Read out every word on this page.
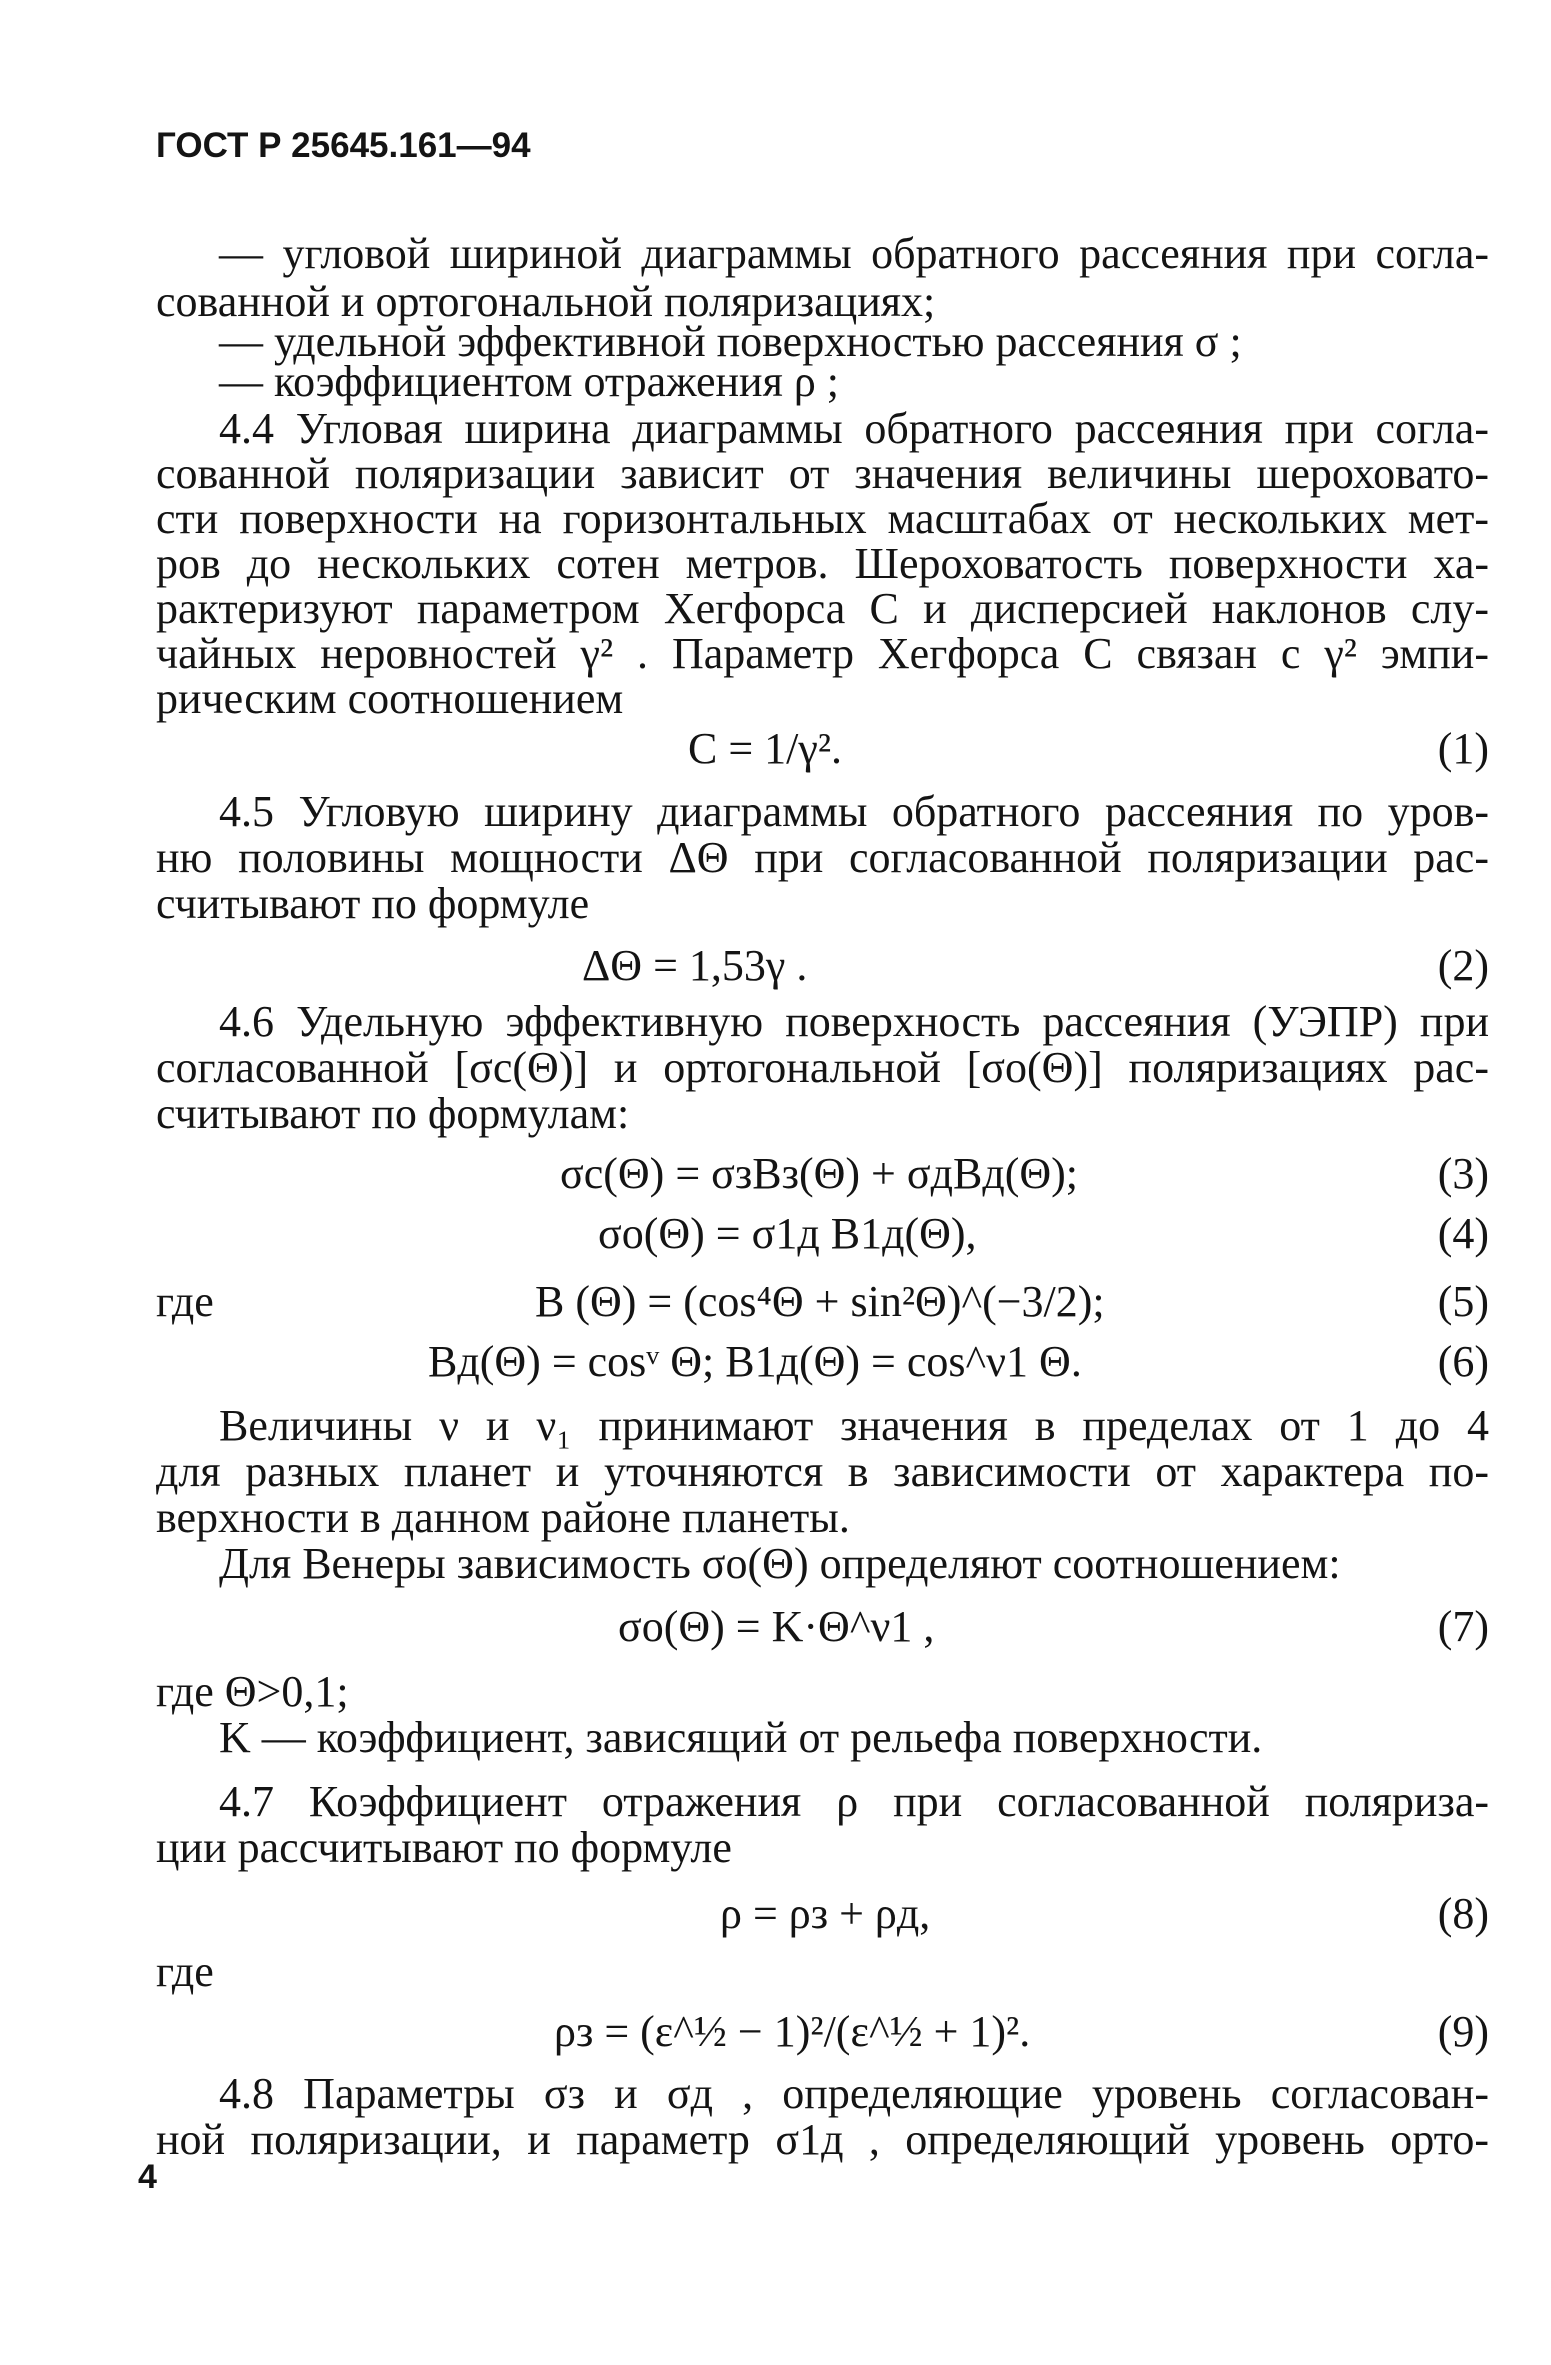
ГОСТ Р 25645.161—94
— угловой шириной диаграммы обратного рассеяния при согла-
сованной и ортогональной поляризациях;
— удельной эффективной поверхностью рассеяния σ ;
— коэффициентом отражения ρ ;
4.4 Угловая ширина диаграммы обратного рассеяния при согла-
сованной поляризации зависит от значения величины шероховато-
сти поверхности на горизонтальных масштабах от нескольких мет-
ров до нескольких сотен метров. Шероховатость поверхности ха-
рактеризуют параметром Хегфорса C и дисперсией наклонов слу-
чайных неровностей γ² . Параметр Хегфорса C связан с γ² эмпи-
рическим соотношением
C = 1/γ².	(1)
4.5 Угловую ширину диаграммы обратного рассеяния по уров-
ню половины мощности ΔΘ при согласованной поляризации рас-
считывают по формуле
ΔΘ = 1,53γ .	(2)
4.6 Удельную эффективную поверхность рассеяния (УЭПР) при
согласованной [σс(Θ)] и ортогональной [σо(Θ)] поляризациях рас-
считывают по формулам:
σс(Θ) = σзBз(Θ) + σдBд(Θ);	(3)
σо(Θ) = σ1д B1д(Θ),	(4)
где	B (Θ) = (cos⁴Θ + sin²Θ)^(−3/2);	(5)
Bд(Θ) = cosᵛ Θ; B1д(Θ) = cos^ν1 Θ.	(6)
Величины ν и ν₁ принимают значения в пределах от 1 до 4
для разных планет и уточняются в зависимости от характера по-
верхности в данном районе планеты.
Для Венеры зависимость σо(Θ) определяют соотношением:
σо(Θ) = K·Θ^ν1 ,	(7)
где Θ>0,1;
K — коэффициент, зависящий от рельефа поверхности.
4.7 Коэффициент отражения ρ при согласованной поляриза-
ции рассчитывают по формуле
ρ = ρз + ρд,	(8)
где
ρз = (ε^½ − 1)²/(ε^½ + 1)².	(9)
4.8 Параметры σз и σд , определяющие уровень согласован-
ной поляризации, и параметр σ1д , определяющий уровень орто-
4
